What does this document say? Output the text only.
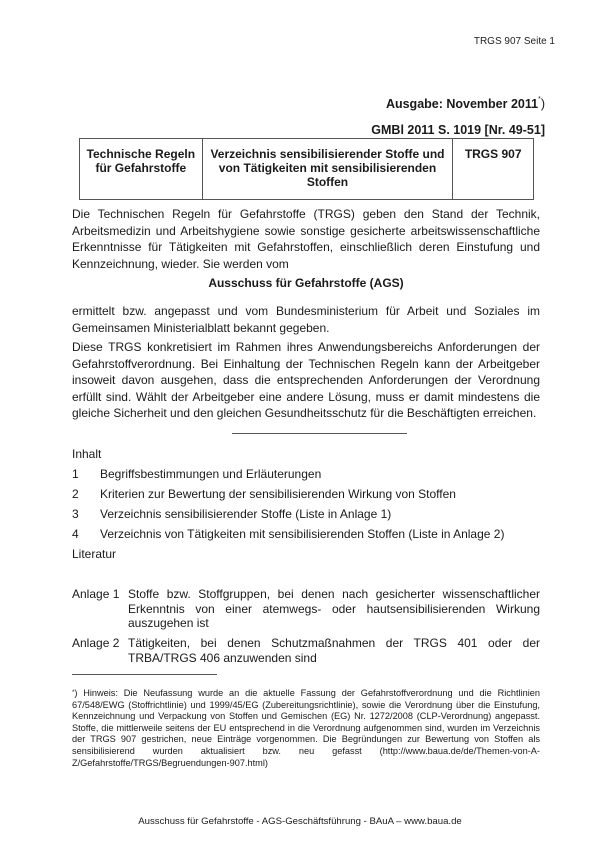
TRGS 907 Seite 1
Ausgabe: November 2011*)
GMBl 2011 S. 1019 [Nr. 49-51]
Technische Regeln für Gefahrstoffe	Verzeichnis sensibilisierender Stoffe und von Tätigkeiten mit sensibilisierenden Stoffen	TRGS 907
Die Technischen Regeln für Gefahrstoffe (TRGS) geben den Stand der Technik, Arbeitsmedizin und Arbeitshygiene sowie sonstige gesicherte arbeitswissenschaftliche Erkenntnisse für Tätigkeiten mit Gefahrstoffen, einschließlich deren Einstufung und Kennzeichnung, wieder. Sie werden vom
Ausschuss für Gefahrstoffe (AGS)
ermittelt bzw. angepasst und vom Bundesministerium für Arbeit und Soziales im Gemeinsamen Ministerialblatt bekannt gegeben.
Diese TRGS konkretisiert im Rahmen ihres Anwendungsbereichs Anforderungen der Gefahrstoffverordnung. Bei Einhaltung der Technischen Regeln kann der Arbeitgeber insoweit davon ausgehen, dass die entsprechenden Anforderungen der Verordnung erfüllt sind. Wählt der Arbeitgeber eine andere Lösung, muss er damit mindestens die gleiche Sicherheit und den gleichen Gesundheitsschutz für die Beschäftigten erreichen.
Inhalt
1 Begriffsbestimmungen und Erläuterungen
2 Kriterien zur Bewertung der sensibilisierenden Wirkung von Stoffen
3 Verzeichnis sensibilisierender Stoffe (Liste in Anlage 1)
4 Verzeichnis von Tätigkeiten mit sensibilisierenden Stoffen (Liste in Anlage 2)
Literatur
Anlage 1 Stoffe bzw. Stoffgruppen, bei denen nach gesicherter wissenschaftlicher Erkenntnis von einer atemwegs- oder hautsensibilisierenden Wirkung auszugehen ist
Anlage 2 Tätigkeiten, bei denen Schutzmaßnahmen der TRGS 401 oder der TRBA/TRGS 406 anzuwenden sind
*) Hinweis: Die Neufassung wurde an die aktuelle Fassung der Gefahrstoffverordnung und die Richtlinien 67/548/EWG (Stoffrichtlinie) und 1999/45/EG (Zubereitungsrichtlinie), sowie die Verordnung über die Einstufung, Kennzeichnung und Verpackung von Stoffen und Gemischen (EG) Nr. 1272/2008 (CLP-Verordnung) angepasst. Stoffe, die mittlerweile seitens der EU entsprechend in die Verordnung aufgenommen sind, wurden im Verzeichnis der TRGS 907 gestrichen, neue Einträge vorgenommen. Die Begründungen zur Bewertung von Stoffen als sensibilisierend wurden aktualisiert bzw. neu gefasst (http://www.baua.de/de/Themen-von-A-Z/Gefahrstoffe/TRGS/Begruendungen-907.html)
Ausschuss für Gefahrstoffe - AGS-Geschäftsführung - BAuA – www.baua.de
